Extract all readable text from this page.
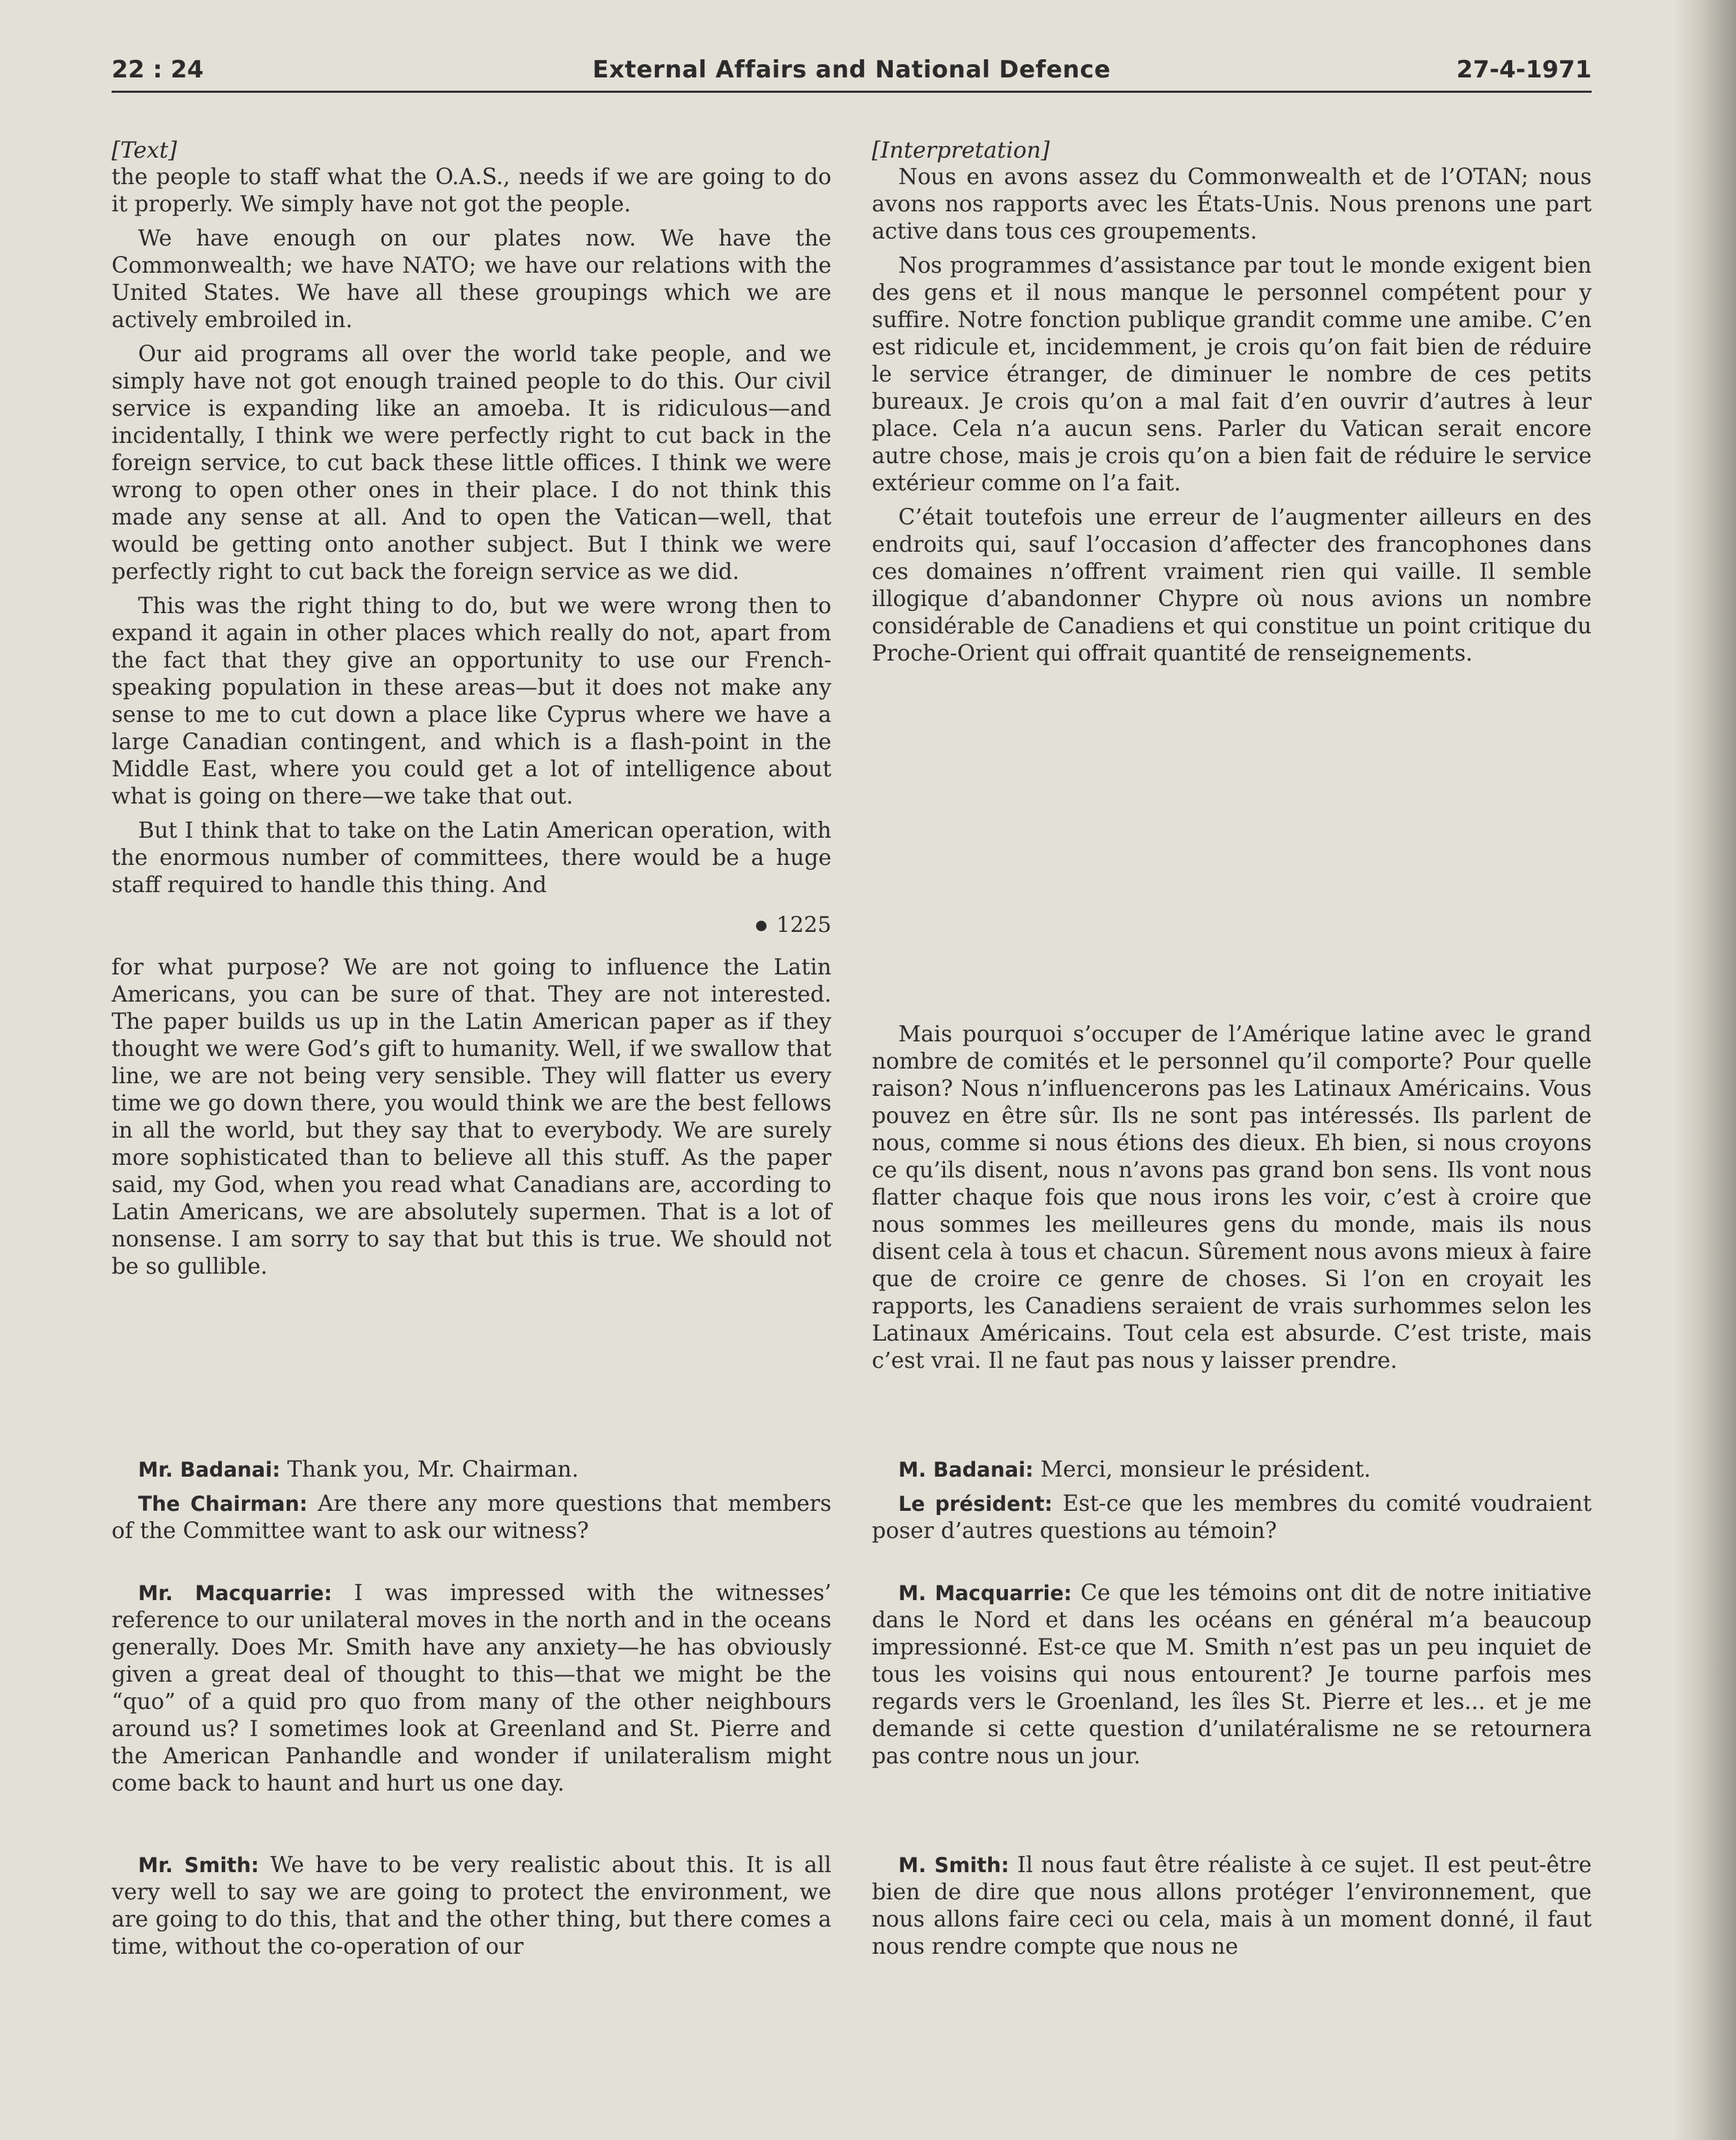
22 : 24	External Affairs and National Defence	27-4-1971

[Text]

the people to staff what the O.A.S., needs if we are going to do it properly. We simply have not got the people.

We have enough on our plates now. We have the Commonwealth; we have NATO; we have our relations with the United States. We have all these groupings which we are actively embroiled in.

Our aid programs all over the world take people, and we simply have not got enough trained people to do this. Our civil service is expanding like an amoeba. It is ridiculous—and incidentally, I think we were perfectly right to cut back in the foreign service, to cut back these little offices. I think we were wrong to open other ones in their place. I do not think this made any sense at all. And to open the Vatican—well, that would be getting onto another subject. But I think we were perfectly right to cut back the foreign service as we did.

This was the right thing to do, but we were wrong then to expand it again in other places which really do not, apart from the fact that they give an opportunity to use our French-speaking population in these areas—but it does not make any sense to me to cut down a place like Cyprus where we have a large Canadian contingent, and which is a flash-point in the Middle East, where you could get a lot of intelligence about what is going on there—we take that out.

But I think that to take on the Latin American operation, with the enormous number of committees, there would be a huge staff required to handle this thing. And

1225

for what purpose? We are not going to influence the Latin Americans, you can be sure of that. They are not interested. The paper builds us up in the Latin American paper as if they thought we were God’s gift to humanity. Well, if we swallow that line, we are not being very sensible. They will flatter us every time we go down there, you would think we are the best fellows in all the world, but they say that to everybody. We are surely more sophisticated than to believe all this stuff. As the paper said, my God, when you read what Canadians are, according to Latin Americans, we are absolutely supermen. That is a lot of nonsense. I am sorry to say that but this is true. We should not be so gullible.

Mr. Badanai: Thank you, Mr. Chairman.

The Chairman: Are there any more questions that members of the Committee want to ask our witness?

Mr. Macquarrie: I was impressed with the witnesses’ reference to our unilateral moves in the north and in the oceans generally. Does Mr. Smith have any anxiety—he has obviously given a great deal of thought to this—that we might be the “quo” of a quid pro quo from many of the other neighbours around us? I sometimes look at Greenland and St. Pierre and the American Panhandle and wonder if unilateralism might come back to haunt and hurt us one day.

Mr. Smith: We have to be very realistic about this. It is all very well to say we are going to protect the environment, we are going to do this, that and the other thing, but there comes a time, without the co-operation of our

[Interpretation]

Nous en avons assez du Commonwealth et de l’OTAN; nous avons nos rapports avec les États-Unis. Nous prenons une part active dans tous ces groupements.

Nos programmes d’assistance par tout le monde exigent bien des gens et il nous manque le personnel compétent pour y suffire. Notre fonction publique grandit comme une amibe. C’en est ridicule et, incidemment, je crois qu’on fait bien de réduire le service étranger, de diminuer le nombre de ces petits bureaux. Je crois qu’on a mal fait d’en ouvrir d’autres à leur place. Cela n’a aucun sens. Parler du Vatican serait encore autre chose, mais je crois qu’on a bien fait de réduire le service extérieur comme on l’a fait.

C’était toutefois une erreur de l’augmenter ailleurs en des endroits qui, sauf l’occasion d’affecter des francophones dans ces domaines n’offrent vraiment rien qui vaille. Il semble illogique d’abandonner Chypre où nous avions un nombre considérable de Canadiens et qui constitue un point critique du Proche-Orient qui offrait quantité de renseignements.

Mais pourquoi s’occuper de l’Amérique latine avec le grand nombre de comités et le personnel qu’il comporte? Pour quelle raison? Nous n’influencerons pas les Latinaux Américains. Vous pouvez en être sûr. Ils ne sont pas intéressés. Ils parlent de nous, comme si nous étions des dieux. Eh bien, si nous croyons ce qu’ils disent, nous n’avons pas grand bon sens. Ils vont nous flatter chaque fois que nous irons les voir, c’est à croire que nous sommes les meilleures gens du monde, mais ils nous disent cela à tous et chacun. Sûrement nous avons mieux à faire que de croire ce genre de choses. Si l’on en croyait les rapports, les Canadiens seraient de vrais surhommes selon les Latinaux Américains. Tout cela est absurde. C’est triste, mais c’est vrai. Il ne faut pas nous y laisser prendre.

M. Badanai: Merci, monsieur le président.

Le président: Est-ce que les membres du comité voudraient poser d’autres questions au témoin?

M. Macquarrie: Ce que les témoins ont dit de notre initiative dans le Nord et dans les océans en général m’a beaucoup impressionné. Est-ce que M. Smith n’est pas un peu inquiet de tous les voisins qui nous entourent? Je tourne parfois mes regards vers le Groenland, les îles St. Pierre et les... et je me demande si cette question d’unilatéralisme ne se retournera pas contre nous un jour.

M. Smith: Il nous faut être réaliste à ce sujet. Il est peut-être bien de dire que nous allons protéger l’environnement, que nous allons faire ceci ou cela, mais à un moment donné, il faut nous rendre compte que nous ne
